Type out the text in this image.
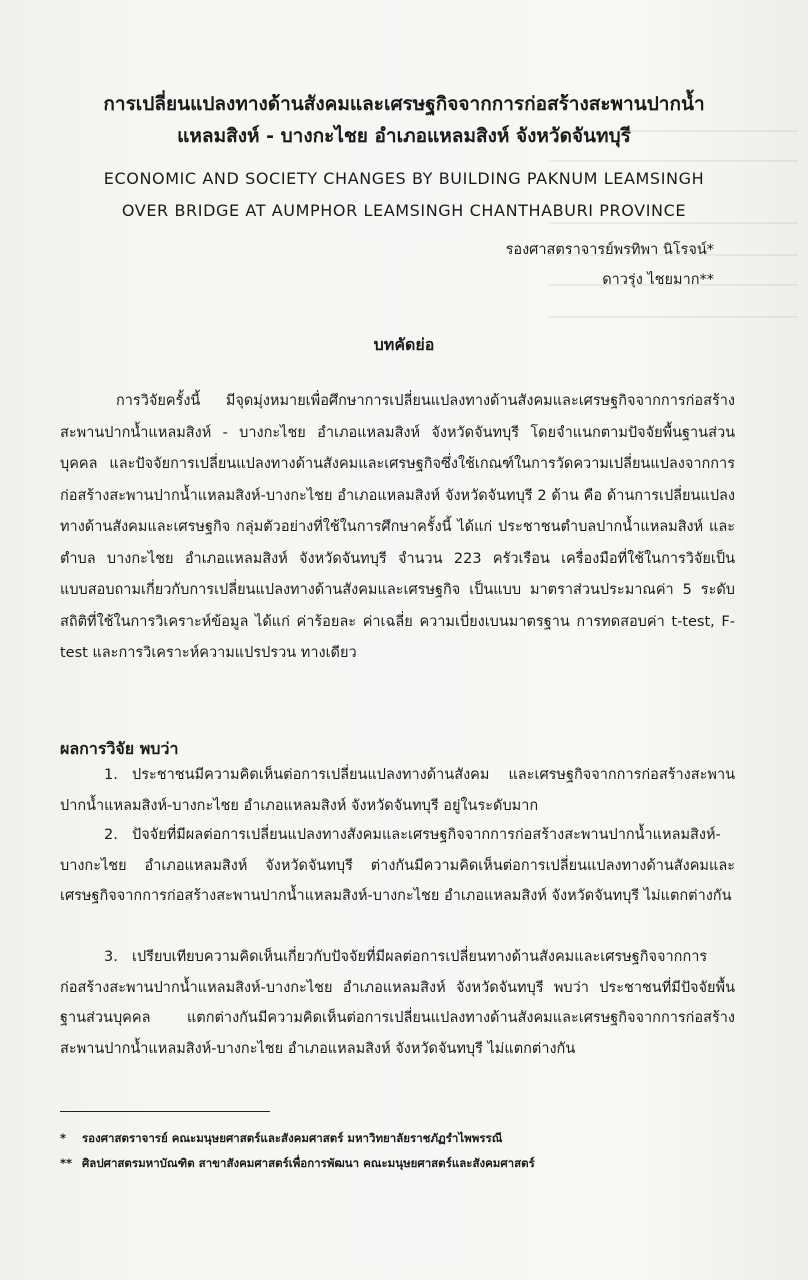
การเปลี่ยนแปลงทางด้านสังคมและเศรษฐกิจจากการก่อสร้างสะพานปากน้ำ

แหลมสิงห์ - บางกะไชย อำเภอแหลมสิงห์ จังหวัดจันทบุรี

ECONOMIC AND SOCIETY CHANGES BY BUILDING PAKNUM LEAMSINGH

OVER BRIDGE AT AUMPHOR LEAMSINGH CHANTHABURI PROVINCE

รองศาสตราจารย์พรทิพา นิโรจน์*

ดาวรุ่ง ไชยมาก**

บทคัดย่อ

การวิจัยครั้งนี้ มีจุดมุ่งหมายเพื่อศึกษาการเปลี่ยนแปลงทางด้านสังคมและเศรษฐกิจจากการก่อสร้างสะพานปากน้ำแหลมสิงห์ - บางกะไชย อำเภอแหลมสิงห์ จังหวัดจันทบุรี โดยจำแนกตามปัจจัยพื้นฐานส่วนบุคคล และปัจจัยการเปลี่ยนแปลงทางด้านสังคมและเศรษฐกิจซึ่งใช้เกณฑ์ในการวัดความเปลี่ยนแปลงจากการก่อสร้างสะพานปากน้ำแหลมสิงห์-บางกะไชย อำเภอแหลมสิงห์ จังหวัดจันทบุรี 2 ด้าน คือ ด้านการเปลี่ยนแปลงทางด้านสังคมและเศรษฐกิจ กลุ่มตัวอย่างที่ใช้ในการศึกษาครั้งนี้ ได้แก่ ประชาชนตำบลปากน้ำแหลมสิงห์ และตำบล บางกะไชย อำเภอแหลมสิงห์ จังหวัดจันทบุรี จำนวน 223 ครัวเรือน เครื่องมือที่ใช้ในการวิจัยเป็นแบบสอบถามเกี่ยวกับการเปลี่ยนแปลงทางด้านสังคมและเศรษฐกิจ เป็นแบบ มาตราส่วนประมาณค่า 5 ระดับ สถิติที่ใช้ในการวิเคราะห์ข้อมูล ได้แก่ ค่าร้อยละ ค่าเฉลี่ย ความเบี่ยงเบนมาตรฐาน การทดสอบค่า t-test, F-test และการวิเคราะห์ความแปรปรวน ทางเดียว

ผลการวิจัย พบว่า

1. ประชาชนมีความคิดเห็นต่อการเปลี่ยนแปลงทางด้านสังคม และเศรษฐกิจจากการก่อสร้างสะพานปากน้ำแหลมสิงห์-บางกะไชย อำเภอแหลมสิงห์ จังหวัดจันทบุรี อยู่ในระดับมาก

2. ปัจจัยที่มีผลต่อการเปลี่ยนแปลงทางสังคมและเศรษฐกิจจากการก่อสร้างสะพานปากน้ำแหลมสิงห์-บางกะไชย อำเภอแหลมสิงห์ จังหวัดจันทบุรี ต่างกันมีความคิดเห็นต่อการเปลี่ยนแปลงทางด้านสังคมและเศรษฐกิจจากการก่อสร้างสะพานปากน้ำแหลมสิงห์-บางกะไชย อำเภอแหลมสิงห์ จังหวัดจันทบุรี ไม่แตกต่างกัน

3. เปรียบเทียบความคิดเห็นเกี่ยวกับปัจจัยที่มีผลต่อการเปลี่ยนทางด้านสังคมและเศรษฐกิจจากการก่อสร้างสะพานปากน้ำแหลมสิงห์-บางกะไชย อำเภอแหลมสิงห์ จังหวัดจันทบุรี พบว่า ประชาชนที่มีปัจจัยพื้นฐานส่วนบุคคล แตกต่างกันมีความคิดเห็นต่อการเปลี่ยนแปลงทางด้านสังคมและเศรษฐกิจจากการก่อสร้างสะพานปากน้ำแหลมสิงห์-บางกะไชย อำเภอแหลมสิงห์ จังหวัดจันทบุรี ไม่แตกต่างกัน

* รองศาสตราจารย์ คณะมนุษยศาสตร์และสังคมศาสตร์ มหาวิทยาลัยราชภัฏรำไพพรรณี

** ศิลปศาสตรมหาบัณฑิต สาขาสังคมศาสตร์เพื่อการพัฒนา คณะมนุษยศาสตร์และสังคมศาสตร์
